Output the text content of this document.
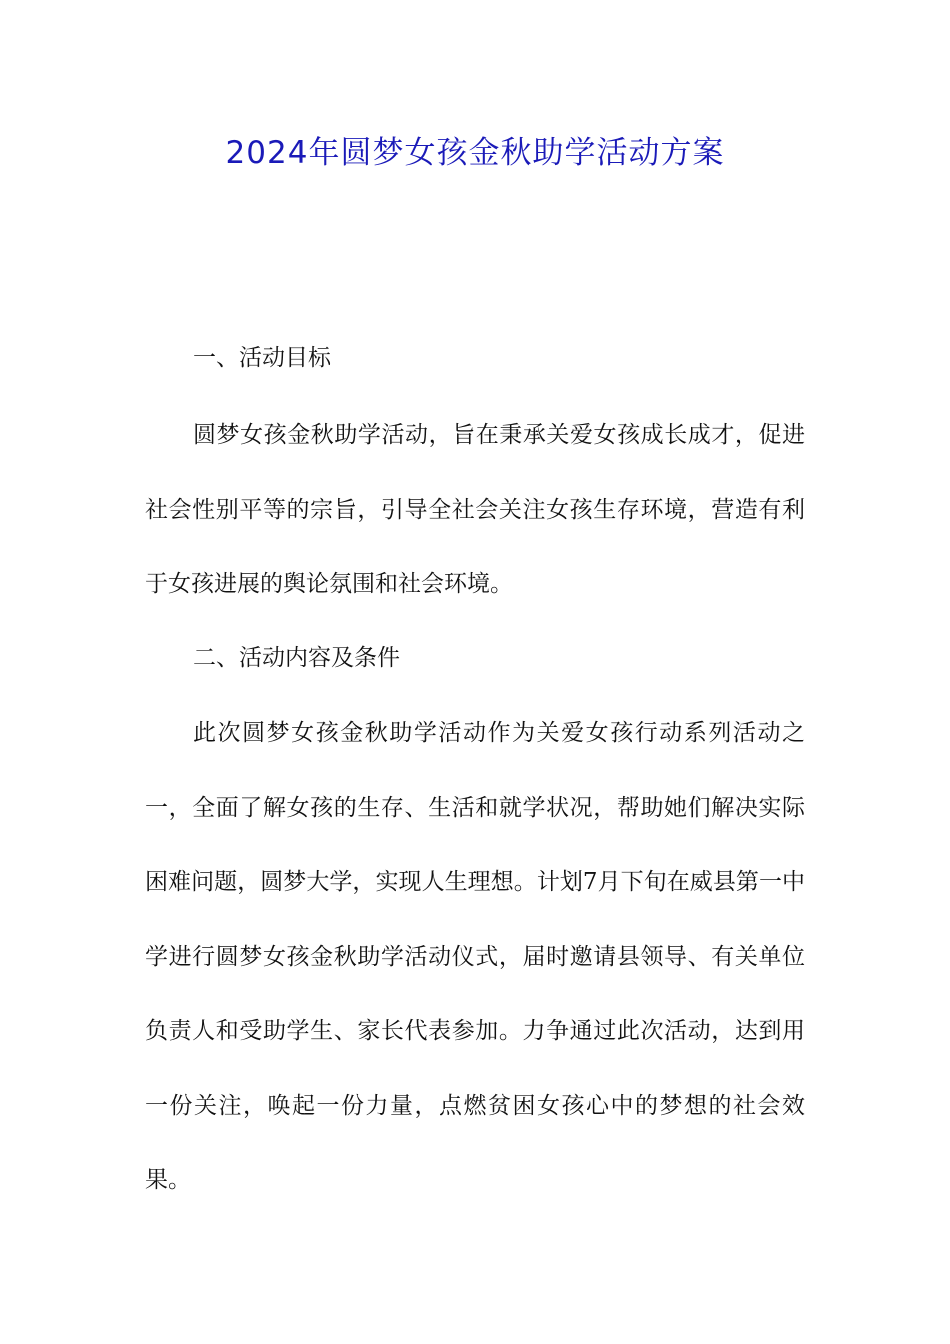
2024年圆梦女孩金秋助学活动方案
一、活动目标
圆梦女孩金秋助学活动，旨在秉承关爱女孩成长成才，促进社会性别平等的宗旨，引导全社会关注女孩生存环境，营造有利于女孩进展的舆论氛围和社会环境。
二、活动内容及条件
此次圆梦女孩金秋助学活动作为关爱女孩行动系列活动之一，全面了解女孩的生存、生活和就学状况，帮助她们解决实际困难问题，圆梦大学，实现人生理想。计划7月下旬在威县第一中学进行圆梦女孩金秋助学活动仪式，届时邀请县领导、有关单位负责人和受助学生、家长代表参加。力争通过此次活动，达到用一份关注，唤起一份力量，点燃贫困女孩心中的梦想的社会效果。
